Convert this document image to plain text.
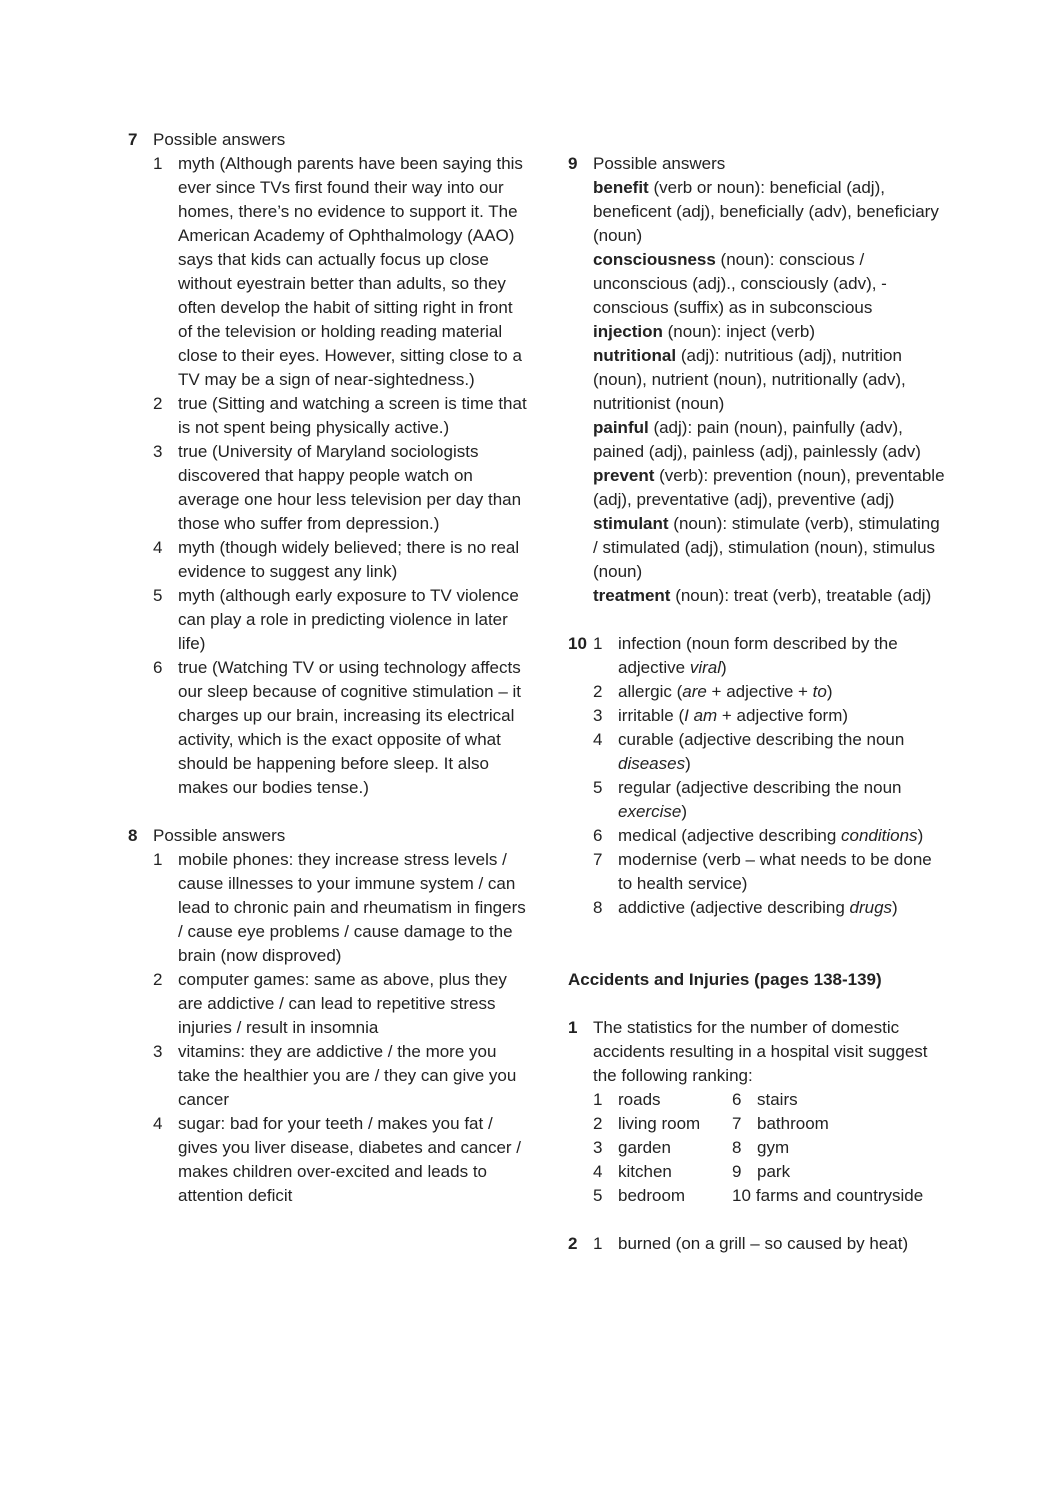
7 Possible answers
1 myth (Although parents have been saying this ever since TVs first found their way into our homes, there’s no evidence to support it. The American Academy of Ophthalmology (AAO) says that kids can actually focus up close without eyestrain better than adults, so they often develop the habit of sitting right in front of the television or holding reading material close to their eyes. However, sitting close to a TV may be a sign of near-sightedness.)
2 true (Sitting and watching a screen is time that is not spent being physically active.)
3 true (University of Maryland sociologists discovered that happy people watch on average one hour less television per day than those who suffer from depression.)
4 myth (though widely believed; there is no real evidence to suggest any link)
5 myth (although early exposure to TV violence can play a role in predicting violence in later life)
6 true (Watching TV or using technology affects our sleep because of cognitive stimulation – it charges up our brain, increasing its electrical activity, which is the exact opposite of what should be happening before sleep. It also makes our bodies tense.)
8 Possible answers
1 mobile phones: they increase stress levels / cause illnesses to your immune system / can lead to chronic pain and rheumatism in fingers / cause eye problems / cause damage to the brain (now disproved)
2 computer games: same as above, plus they are addictive / can lead to repetitive stress injuries / result in insomnia
3 vitamins: they are addictive / the more you take the healthier you are / they can give you cancer
4 sugar: bad for your teeth / makes you fat / gives you liver disease, diabetes and cancer / makes children over-excited and leads to attention deficit
9 Possible answers
benefit (verb or noun): beneficial (adj), beneficent (adj), beneficially (adv), beneficiary (noun)
consciousness (noun): conscious / unconscious (adj)., consciously (adv), -conscious (suffix) as in subconscious
injection (noun): inject (verb)
nutritional (adj): nutritious (adj), nutrition (noun), nutrient (noun), nutritionally (adv), nutritionist (noun)
painful (adj): pain (noun), painfully (adv), pained (adj), painless (adj), painlessly (adv)
prevent (verb): prevention (noun), preventable (adj), preventative (adj), preventive (adj)
stimulant (noun): stimulate (verb), stimulating / stimulated (adj), stimulation (noun), stimulus (noun)
treatment (noun): treat (verb), treatable (adj)
10 1 infection (noun form described by the adjective viral)
2 allergic (are + adjective + to)
3 irritable (I am + adjective form)
4 curable (adjective describing the noun diseases)
5 regular (adjective describing the noun exercise)
6 medical (adjective describing conditions)
7 modernise (verb – what needs to be done to health service)
8 addictive (adjective describing drugs)
Accidents and Injuries (pages 138-139)
1 The statistics for the number of domestic accidents resulting in a hospital visit suggest the following ranking:
1 roads	6 stairs
2 living room 7 bathroom
3 garden	8 gym
4 kitchen	9 park
5 bedroom	10 farms and countryside
2 1 burned (on a grill – so caused by heat)
